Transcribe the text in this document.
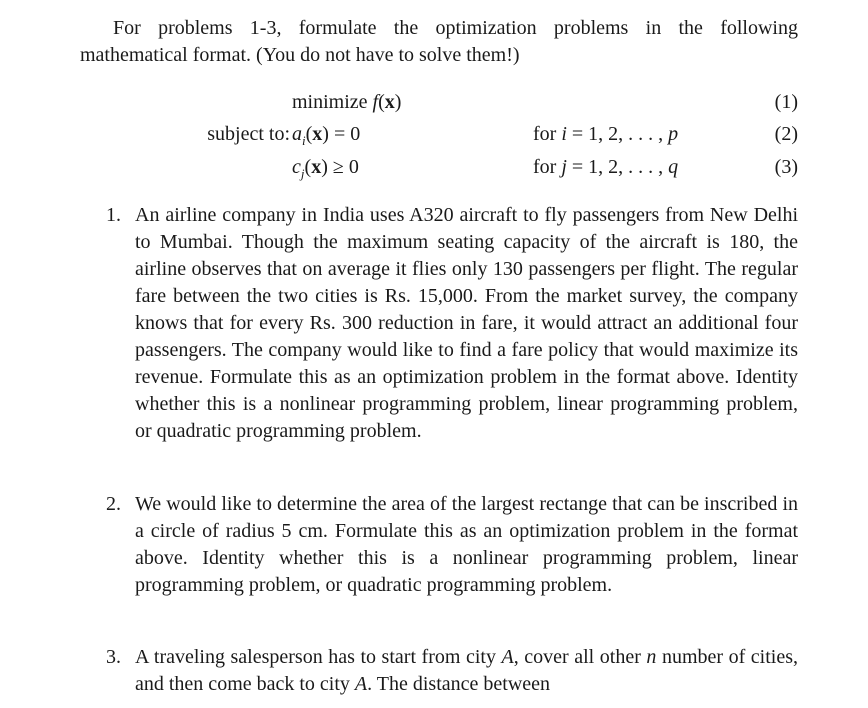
For problems 1-3, formulate the optimization problems in the following mathematical format. (You do not have to solve them!)

minimize f(x)	(1)
subject to: $a_i(x) = 0$	for i = 1, 2, . . . , p	(2)
$c_j(x) \ge 0$	for j = 1, 2, . . . , q	(3)
1. An airline company in India uses A320 aircraft to fly passengers from New Delhi to Mumbai. Though the maximum seating capacity of the aircraft is 180, the airline observes that on average it flies only 130 passengers per flight. The regular fare between the two cities is Rs. 15,000. From the market survey, the company knows that for every Rs. 300 reduction in fare, it would attract an additional four passengers. The company would like to find a fare policy that would maximize its revenue. Formulate this as an optimization problem in the format above. Identity whether this is a nonlinear programming problem, linear programming problem, or quadratic programming problem.

2. We would like to determine the area of the largest rectange that can be inscribed in a circle of radius 5 cm. Formulate this as an optimization problem in the format above. Identity whether this is a nonlinear programming problem, linear programming problem, or quadratic programming problem.

3. A traveling salesperson has to start from city A, cover all other n number of cities, and then come back to city A. The distance between
